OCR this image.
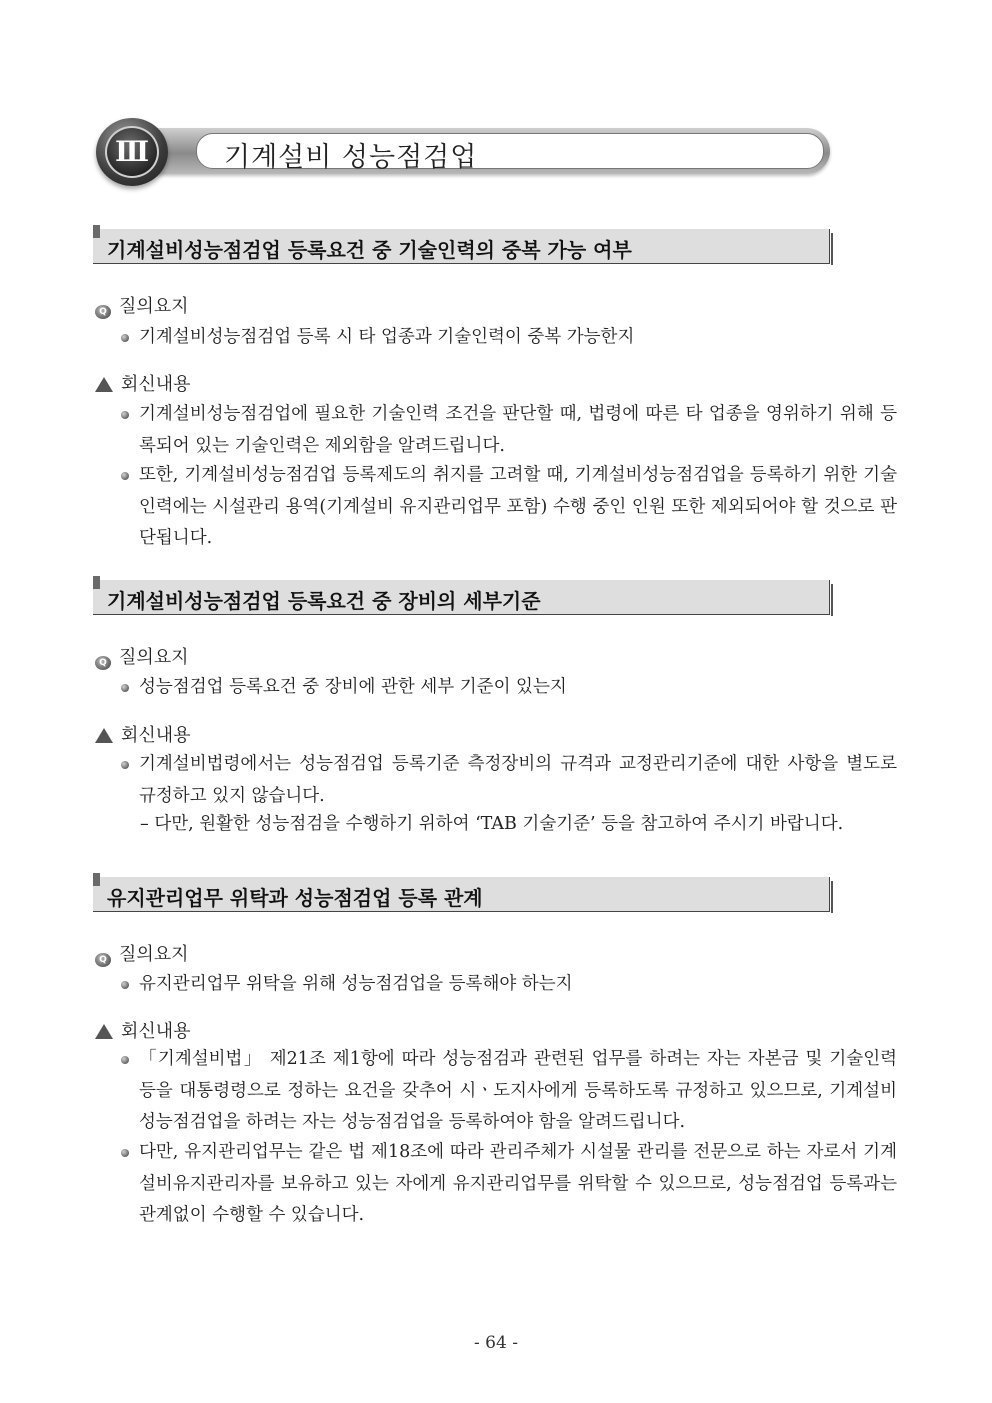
기계설비 성능점검업
Ⅲ
기계설비성능점검업 등록요건 중 기술인력의 중복 가능 여부
Q 질의요지
기계설비성능점검업 등록 시 타 업종과 기술인력이 중복 가능한지
회신내용
기계설비성능점검업에 필요한 기술인력 조건을 판단할 때, 법령에 따른 타 업종을 영위하기 위해 등록되어 있는 기술인력은 제외함을 알려드립니다.
또한, 기계설비성능점검업 등록제도의 취지를 고려할 때, 기계설비성능점검업을 등록하기 위한 기술인력에는 시설관리 용역(기계설비 유지관리업무 포함) 수행 중인 인원 또한 제외되어야 할 것으로 판단됩니다.
기계설비성능점검업 등록요건 중 장비의 세부기준
Q 질의요지
성능점검업 등록요건 중 장비에 관한 세부 기준이 있는지
회신내용
기계설비법령에서는 성능점검업 등록기준 측정장비의 규격과 교정관리기준에 대한 사항을 별도로 규정하고 있지 않습니다.
– 다만, 원활한 성능점검을 수행하기 위하여 ‘TAB 기술기준’ 등을 참고하여 주시기 바랍니다.
유지관리업무 위탁과 성능점검업 등록 관계
Q 질의요지
유지관리업무 위탁을 위해 성능점검업을 등록해야 하는지
회신내용
「기계설비법」 제21조 제1항에 따라 성능점검과 관련된 업무를 하려는 자는 자본금 및 기술인력 등을 대통령령으로 정하는 요건을 갖추어 시ㆍ도지사에게 등록하도록 규정하고 있으므로, 기계설비성능점검업을 하려는 자는 성능점검업을 등록하여야 함을 알려드립니다.
다만, 유지관리업무는 같은 법 제18조에 따라 관리주체가 시설물 관리를 전문으로 하는 자로서 기계설비유지관리자를 보유하고 있는 자에게 유지관리업무를 위탁할 수 있으므로, 성능점검업 등록과는 관계없이 수행할 수 있습니다.
- 64 -
